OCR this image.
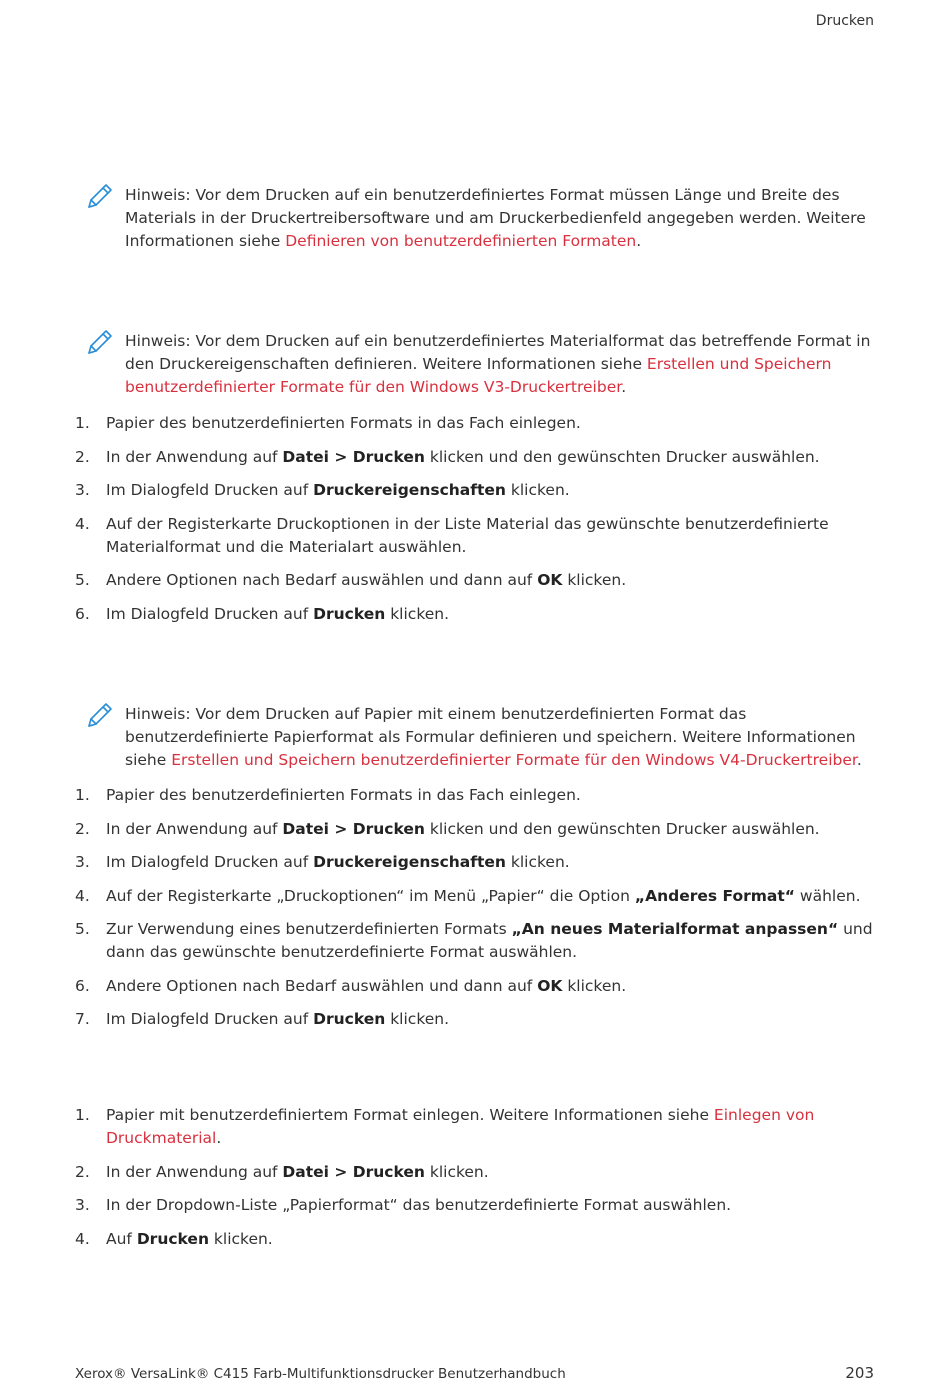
Drucken
Hinweis: Vor dem Drucken auf ein benutzerdefiniertes Format müssen Länge und Breite des Materials in der Druckertreibersoftware und am Druckerbedienfeld angegeben werden. Weitere Informationen siehe Definieren von benutzerdefinierten Formaten.
Hinweis: Vor dem Drucken auf ein benutzerdefiniertes Materialformat das betreffende Format in den Druckereigenschaften definieren. Weitere Informationen siehe Erstellen und Speichern benutzerdefinierter Formate für den Windows V3-Druckertreiber.
1. Papier des benutzerdefinierten Formats in das Fach einlegen.
2. In der Anwendung auf Datei > Drucken klicken und den gewünschten Drucker auswählen.
3. Im Dialogfeld Drucken auf Druckereigenschaften klicken.
4. Auf der Registerkarte Druckoptionen in der Liste Material das gewünschte benutzerdefinierte Materialformat und die Materialart auswählen.
5. Andere Optionen nach Bedarf auswählen und dann auf OK klicken.
6. Im Dialogfeld Drucken auf Drucken klicken.
Hinweis: Vor dem Drucken auf Papier mit einem benutzerdefinierten Format das benutzerdefinierte Papierformat als Formular definieren und speichern. Weitere Informationen siehe Erstellen und Speichern benutzerdefinierter Formate für den Windows V4-Druckertreiber.
1. Papier des benutzerdefinierten Formats in das Fach einlegen.
2. In der Anwendung auf Datei > Drucken klicken und den gewünschten Drucker auswählen.
3. Im Dialogfeld Drucken auf Druckereigenschaften klicken.
4. Auf der Registerkarte „Druckoptionen“ im Menü „Papier“ die Option „Anderes Format“ wählen.
5. Zur Verwendung eines benutzerdefinierten Formats „An neues Materialformat anpassen“ und dann das gewünschte benutzerdefinierte Format auswählen.
6. Andere Optionen nach Bedarf auswählen und dann auf OK klicken.
7. Im Dialogfeld Drucken auf Drucken klicken.
1. Papier mit benutzerdefiniertem Format einlegen. Weitere Informationen siehe Einlegen von Druckmaterial.
2. In der Anwendung auf Datei > Drucken klicken.
3. In der Dropdown-Liste „Papierformat“ das benutzerdefinierte Format auswählen.
4. Auf Drucken klicken.
Xerox® VersaLink® C415 Farb-Multifunktionsdrucker Benutzerhandbuch	203
